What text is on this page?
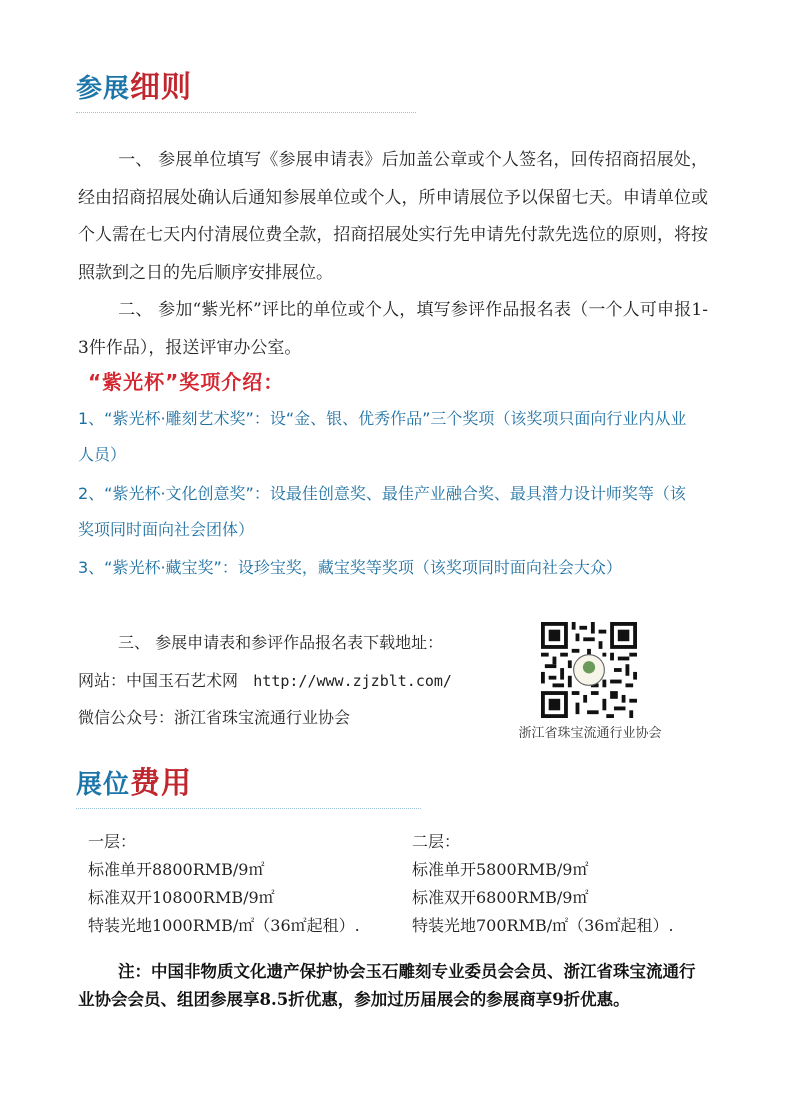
参展细则
一、 参展单位填写《参展申请表》后加盖公章或个人签名，回传招商招展处，经由招商招展处确认后通知参展单位或个人，所申请展位予以保留七天。申请单位或个人需在七天内付清展位费全款，招商招展处实行先申请先付款先选位的原则，将按照款到之日的先后顺序安排展位。
二、 参加“紫光杯”评比的单位或个人，填写参评作品报名表（一个人可申报1-3件作品），报送评审办公室。
“紫光杯”奖项介绍：
1、“紫光杯·雕刻艺术奖”：设“金、银、优秀作品”三个奖项（该奖项只面向行业内从业人员）
2、“紫光杯·文化创意奖”：设最佳创意奖、最佳产业融合奖、最具潜力设计师奖等（该奖项同时面向社会团体）
3、“紫光杯·藏宝奖”：设珍宝奖，藏宝奖等奖项（该奖项同时面向社会大众）
三、 参展申请表和参评作品报名表下载地址：
网站：中国玉石艺术网 http://www.zjzblt.com/
微信公众号：浙江省珠宝流通行业协会
浙江省珠宝流通行业协会
展位费用
一层：
标准单开8800RMB/9㎡
标准双开10800RMB/9㎡
特装光地1000RMB/㎡（36㎡起租）.
二层：
标准单开5800RMB/9㎡
标准双开6800RMB/9㎡
特装光地700RMB/㎡（36㎡起租）.
注：中国非物质文化遗产保护协会玉石雕刻专业委员会会员、浙江省珠宝流通行业协会会员、组团参展享8.5折优惠，参加过历届展会的参展商享9折优惠。
